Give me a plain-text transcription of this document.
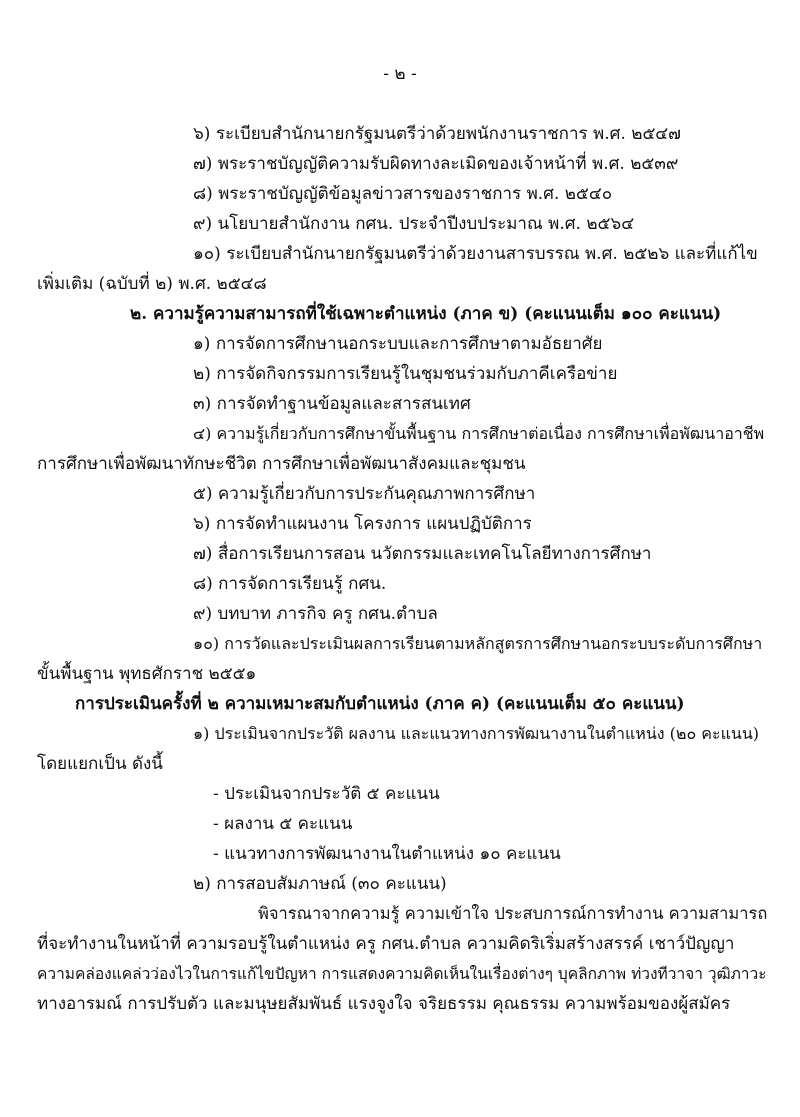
- ๒ -

๖) ระเบียบสำนักนายกรัฐมนตรีว่าด้วยพนักงานราชการ พ.ศ. ๒๕๔๗

๗) พระราชบัญญัติความรับผิดทางละเมิดของเจ้าหน้าที่ พ.ศ. ๒๕๓๙

๘) พระราชบัญญัติข้อมูลข่าวสารของราชการ พ.ศ. ๒๕๔๐

๙) นโยบายสำนักงาน กศน. ประจำปีงบประมาณ พ.ศ. ๒๕๖๔

๑๐) ระเบียบสำนักนายกรัฐมนตรีว่าด้วยงานสารบรรณ พ.ศ. ๒๕๒๖ และที่แก้ไข

เพิ่มเติม (ฉบับที่ ๒) พ.ศ. ๒๕๔๘

๒. ความรู้ความสามารถที่ใช้เฉพาะตำแหน่ง (ภาค ข) (คะแนนเต็ม ๑๐๐ คะแนน)

๑) การจัดการศึกษานอกระบบและการศึกษาตามอัธยาศัย

๒) การจัดกิจกรรมการเรียนรู้ในชุมชนร่วมกับภาคีเครือข่าย

๓) การจัดทำฐานข้อมูลและสารสนเทศ

๔) ความรู้เกี่ยวกับการศึกษาขั้นพื้นฐาน การศึกษาต่อเนื่อง การศึกษาเพื่อพัฒนาอาชีพ

การศึกษาเพื่อพัฒนาทักษะชีวิต การศึกษาเพื่อพัฒนาสังคมและชุมชน

๕) ความรู้เกี่ยวกับการประกันคุณภาพการศึกษา

๖) การจัดทำแผนงาน โครงการ แผนปฏิบัติการ

๗) สื่อการเรียนการสอน นวัตกรรมและเทคโนโลยีทางการศึกษา

๘) การจัดการเรียนรู้ กศน.

๙) บทบาท ภารกิจ ครู กศน.ตำบล

๑๐) การวัดและประเมินผลการเรียนตามหลักสูตรการศึกษานอกระบบระดับการศึกษา

ขั้นพื้นฐาน พุทธศักราช ๒๕๕๑

การประเมินครั้งที่ ๒ ความเหมาะสมกับตำแหน่ง (ภาค ค) (คะแนนเต็ม ๕๐ คะแนน)

๑) ประเมินจากประวัติ ผลงาน และแนวทางการพัฒนางานในตำแหน่ง (๒๐ คะแนน)

โดยแยกเป็น ดังนี้

- ประเมินจากประวัติ ๕ คะแนน

- ผลงาน ๕ คะแนน

- แนวทางการพัฒนางานในตำแหน่ง ๑๐ คะแนน

๒) การสอบสัมภาษณ์ (๓๐ คะแนน)

พิจารณาจากความรู้ ความเข้าใจ ประสบการณ์การทำงาน ความสามารถ

ที่จะทำงานในหน้าที่ ความรอบรู้ในตำแหน่ง ครู กศน.ตำบล ความคิดริเริ่มสร้างสรรค์ เชาว์ปัญญา

ความคล่องแคล่วว่องไวในการแก้ไขปัญหา การแสดงความคิดเห็นในเรื่องต่างๆ บุคลิกภาพ ท่วงทีวาจา วุฒิภาวะ

ทางอารมณ์ การปรับตัว และมนุษยสัมพันธ์ แรงจูงใจ จริยธรรม คุณธรรม ความพร้อมของผู้สมัคร
